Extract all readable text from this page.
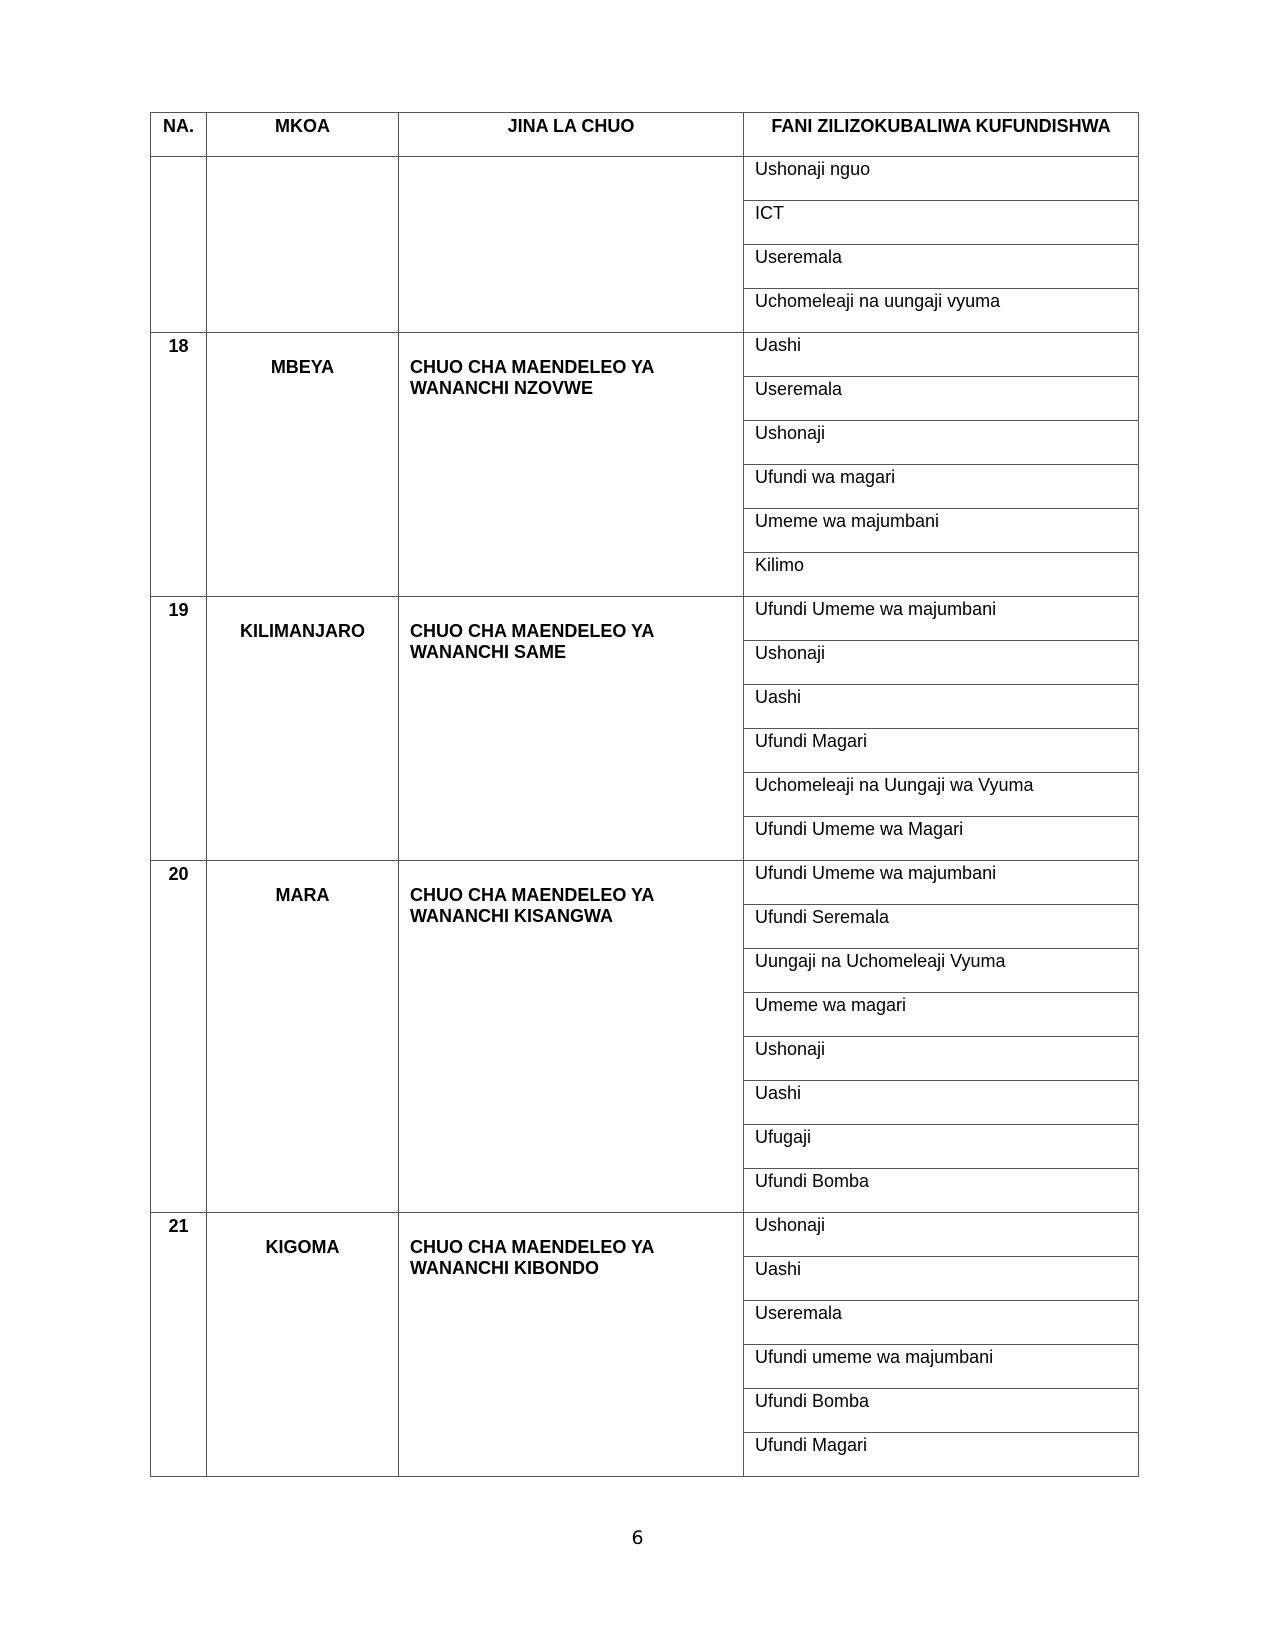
NA.	MKOA	JINA LA CHUO	FANI ZILIZOKUBALIWA KUFUNDISHWA
			Ushonaji nguo
			ICT
			Useremala
			Uchomeleaji na uungaji vyuma
18	MBEYA	CHUO CHA MAENDELEO YA WANANCHI NZOVWE	Uashi
			Useremala
			Ushonaji
			Ufundi wa magari
			Umeme wa majumbani
			Kilimo
19	KILIMANJARO	CHUO CHA MAENDELEO YA WANANCHI SAME	Ufundi Umeme wa majumbani
			Ushonaji
			Uashi
			Ufundi Magari
			Uchomeleaji na Uungaji wa Vyuma
			Ufundi Umeme wa Magari
20	MARA	CHUO CHA MAENDELEO YA WANANCHI KISANGWA	Ufundi Umeme wa majumbani
			Ufundi Seremala
			Uungaji na Uchomeleaji Vyuma
			Umeme wa magari
			Ushonaji
			Uashi
			Ufugaji
			Ufundi Bomba
21	KIGOMA	CHUO CHA MAENDELEO YA WANANCHI KIBONDO	Ushonaji
			Uashi
			Useremala
			Ufundi umeme wa majumbani
			Ufundi Bomba
			Ufundi Magari
6
